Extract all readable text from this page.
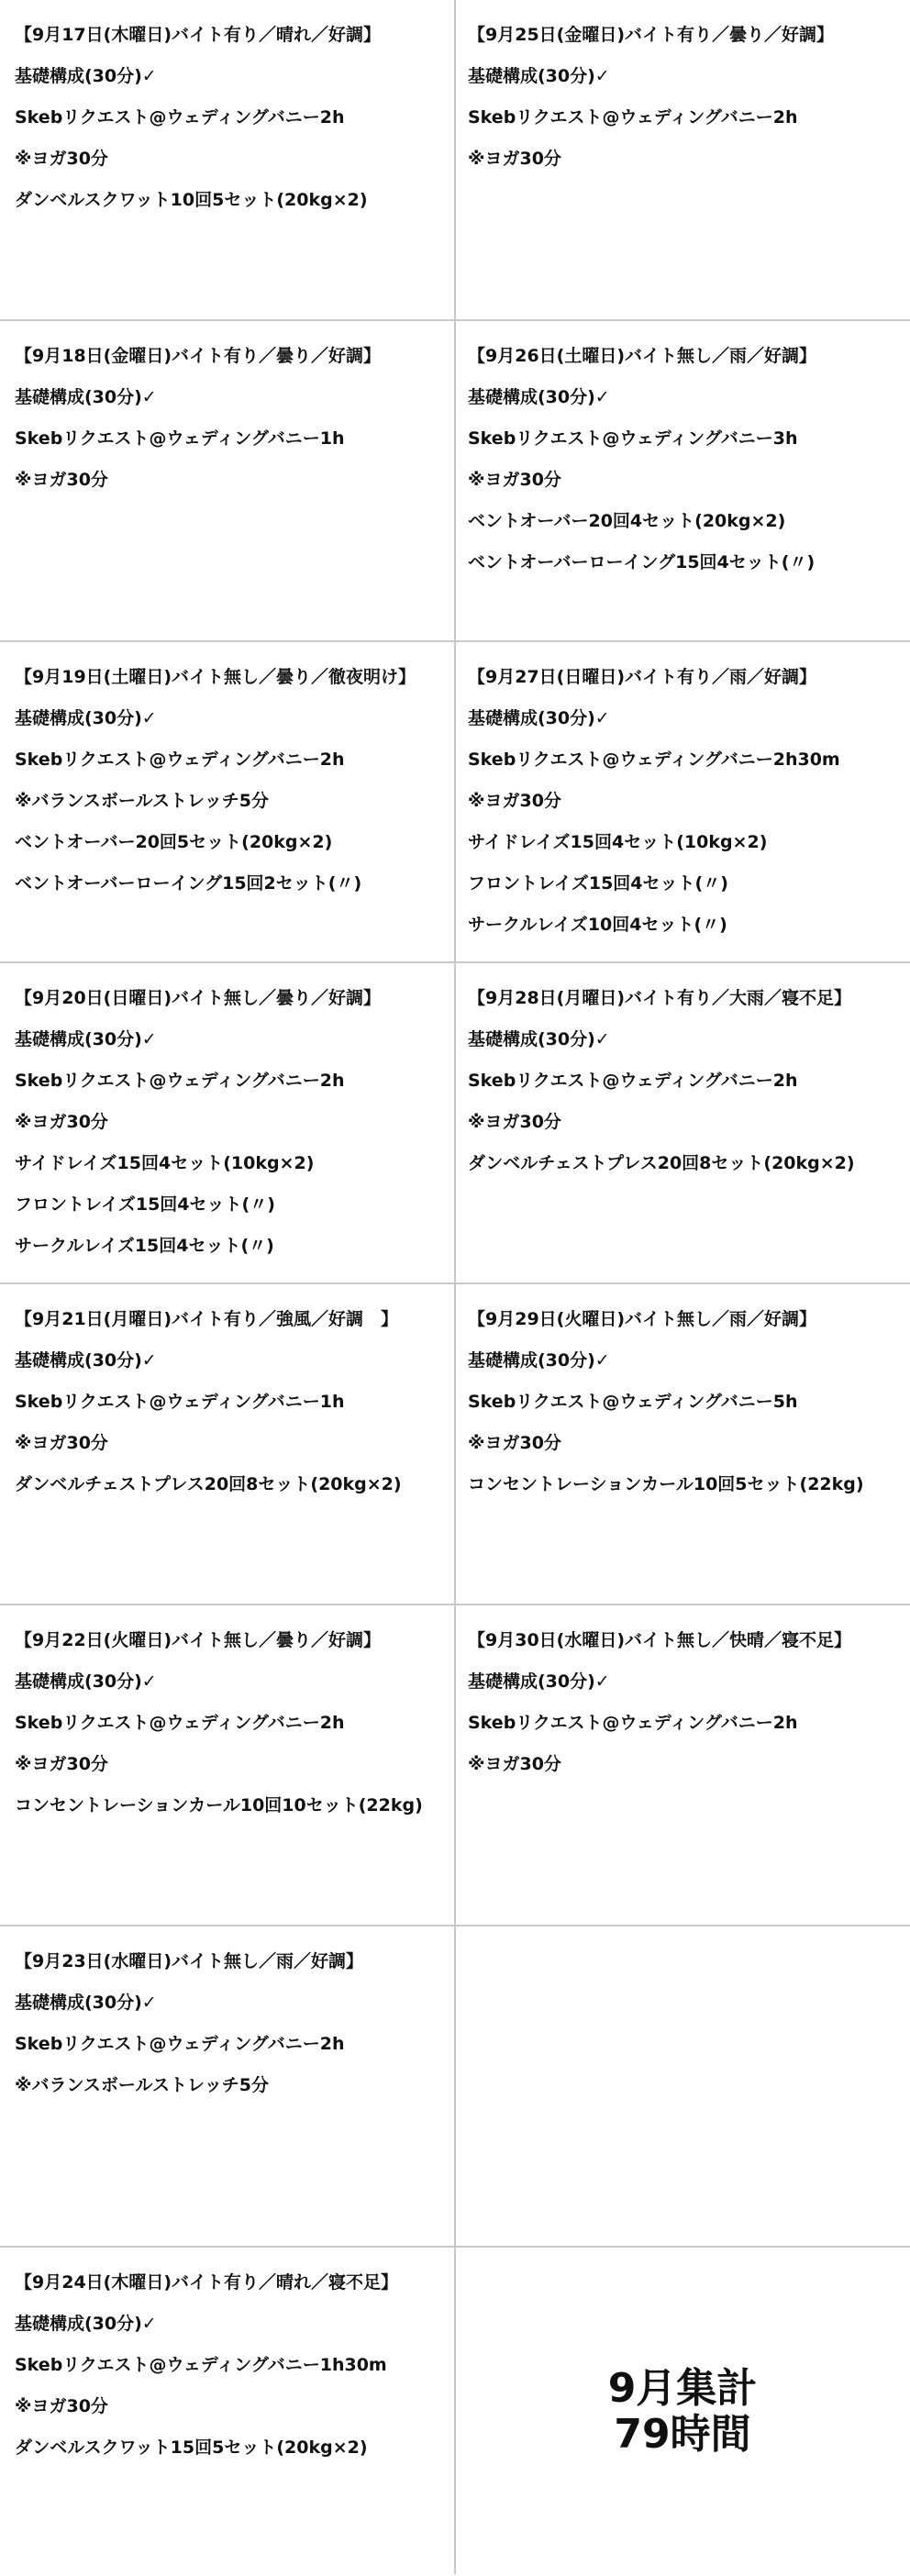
【9月17日(木曜日)バイト有り／晴れ／好調】
基礎構成(30分)✓
Skebリクエスト@ウェディングバニー2h
※ヨガ30分
ダンベルスクワット10回5セット(20kg×2)
【9月18日(金曜日)バイト有り／曇り／好調】
基礎構成(30分)✓
Skebリクエスト@ウェディングバニー1h
※ヨガ30分
【9月19日(土曜日)バイト無し／曇り／徹夜明け】
基礎構成(30分)✓
Skebリクエスト@ウェディングバニー2h
※バランスボールストレッチ5分
ベントオーバー20回5セット(20kg×2)
ベントオーバーローイング15回2セット(〃)
【9月20日(日曜日)バイト無し／曇り／好調】
基礎構成(30分)✓
Skebリクエスト@ウェディングバニー2h
※ヨガ30分
サイドレイズ15回4セット(10kg×2)
フロントレイズ15回4セット(〃)
サークルレイズ15回4セット(〃)
【9月21日(月曜日)バイト有り／強風／好調　】
基礎構成(30分)✓
Skebリクエスト@ウェディングバニー1h
※ヨガ30分
ダンベルチェストプレス20回8セット(20kg×2)
【9月22日(火曜日)バイト無し／曇り／好調】
基礎構成(30分)✓
Skebリクエスト@ウェディングバニー2h
※ヨガ30分
コンセントレーションカール10回10セット(22kg)
【9月23日(水曜日)バイト無し／雨／好調】
基礎構成(30分)✓
Skebリクエスト@ウェディングバニー2h
※バランスボールストレッチ5分
【9月24日(木曜日)バイト有り／晴れ／寝不足】
基礎構成(30分)✓
Skebリクエスト@ウェディングバニー1h30m
※ヨガ30分
ダンベルスクワット15回5セット(20kg×2)
【9月25日(金曜日)バイト有り／曇り／好調】
基礎構成(30分)✓
Skebリクエスト@ウェディングバニー2h
※ヨガ30分
【9月26日(土曜日)バイト無し／雨／好調】
基礎構成(30分)✓
Skebリクエスト@ウェディングバニー3h
※ヨガ30分
ベントオーバー20回4セット(20kg×2)
ベントオーバーローイング15回4セット(〃)
【9月27日(日曜日)バイト有り／雨／好調】
基礎構成(30分)✓
Skebリクエスト@ウェディングバニー2h30m
※ヨガ30分
サイドレイズ15回4セット(10kg×2)
フロントレイズ15回4セット(〃)
サークルレイズ10回4セット(〃)
【9月28日(月曜日)バイト有り／大雨／寝不足】
基礎構成(30分)✓
Skebリクエスト@ウェディングバニー2h
※ヨガ30分
ダンベルチェストプレス20回8セット(20kg×2)
【9月29日(火曜日)バイト無し／雨／好調】
基礎構成(30分)✓
Skebリクエスト@ウェディングバニー5h
※ヨガ30分
コンセントレーションカール10回5セット(22kg)
【9月30日(水曜日)バイト無し／快晴／寝不足】
基礎構成(30分)✓
Skebリクエスト@ウェディングバニー2h
※ヨガ30分
9月集計
79時間
